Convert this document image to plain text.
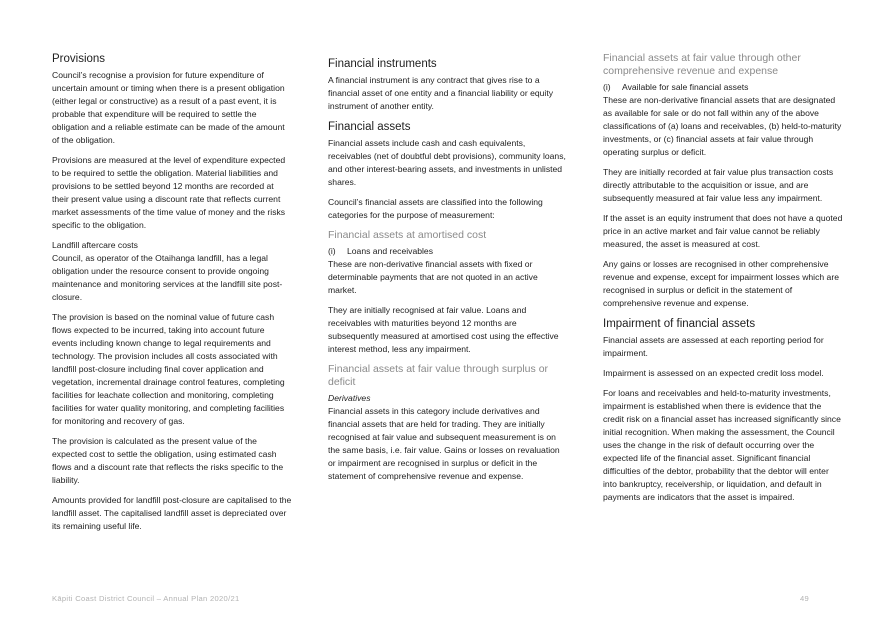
Provisions

Council’s recognise a provision for future expenditure of uncertain amount or timing when there is a present obligation (either legal or constructive) as a result of a past event, it is probable that expenditure will be required to settle the obligation and a reliable estimate can be made of the amount of the obligation.

Provisions are measured at the level of expenditure expected to be required to settle the obligation. Material liabilities and provisions to be settled beyond 12 months are recorded at their present value using a discount rate that reflects current market assessments of the time value of money and the risks specific to the obligation.

Landfill aftercare costs

Council, as operator of the Otaihanga landfill, has a legal obligation under the resource consent to provide ongoing maintenance and monitoring services at the landfill site post-closure.

The provision is based on the nominal value of future cash flows expected to be incurred, taking into account future events including known change to legal requirements and technology. The provision includes all costs associated with landfill post-closure including final cover application and vegetation, incremental drainage control features, completing facilities for leachate collection and monitoring, completing facilities for water quality monitoring, and completing facilities for monitoring and recovery of gas.

The provision is calculated as the present value of the expected cost to settle the obligation, using estimated cash flows and a discount rate that reflects the risks specific to the liability.

Amounts provided for landfill post-closure are capitalised to the landfill asset. The capitalised landfill asset is depreciated over its remaining useful life.

Financial instruments

A financial instrument is any contract that gives rise to a financial asset of one entity and a financial liability or equity instrument of another entity.

Financial assets

Financial assets include cash and cash equivalents, receivables (net of doubtful debt provisions), community loans, and other interest-bearing assets, and investments in unlisted shares.

Council’s financial assets are classified into the following categories for the purpose of measurement:

Financial assets at amortised cost
(i) Loans and receivables

These are non-derivative financial assets with fixed or determinable payments that are not quoted in an active market.

They are initially recognised at fair value. Loans and receivables with maturities beyond 12 months are subsequently measured at amortised cost using the effective interest method, less any impairment.

Financial assets at fair value through surplus or deficit
Derivatives

Financial assets in this category include derivatives and financial assets that are held for trading. They are initially recognised at fair value and subsequent measurement is on the same basis, i.e. fair value. Gains or losses on revaluation or impairment are recognised in surplus or deficit in the statement of comprehensive revenue and expense.

Financial assets at fair value through other comprehensive revenue and expense
(i) Available for sale financial assets

These are non-derivative financial assets that are designated as available for sale or do not fall within any of the above classifications of (a) loans and receivables, (b) held-to-maturity investments, or (c) financial assets at fair value through operating surplus or deficit.

They are initially recorded at fair value plus transaction costs directly attributable to the acquisition or issue, and are subsequently measured at fair value less any impairment.

If the asset is an equity instrument that does not have a quoted price in an active market and fair value cannot be reliably measured, the asset is measured at cost.

Any gains or losses are recognised in other comprehensive revenue and expense, except for impairment losses which are recognised in surplus or deficit in the statement of comprehensive revenue and expense.

Impairment of financial assets

Financial assets are assessed at each reporting period for impairment.

Impairment is assessed on an expected credit loss model.

For loans and receivables and held-to-maturity investments, impairment is established when there is evidence that the credit risk on a financial asset has increased significantly since initial recognition. When making the assessment, the Council uses the change in the risk of default occurring over the expected life of the financial asset. Significant financial difficulties of the debtor, probability that the debtor will enter into bankruptcy, receivership, or liquidation, and default in payments are indicators that the asset is impaired.

Kāpiti Coast District Council – Annual Plan 2020/21	49
